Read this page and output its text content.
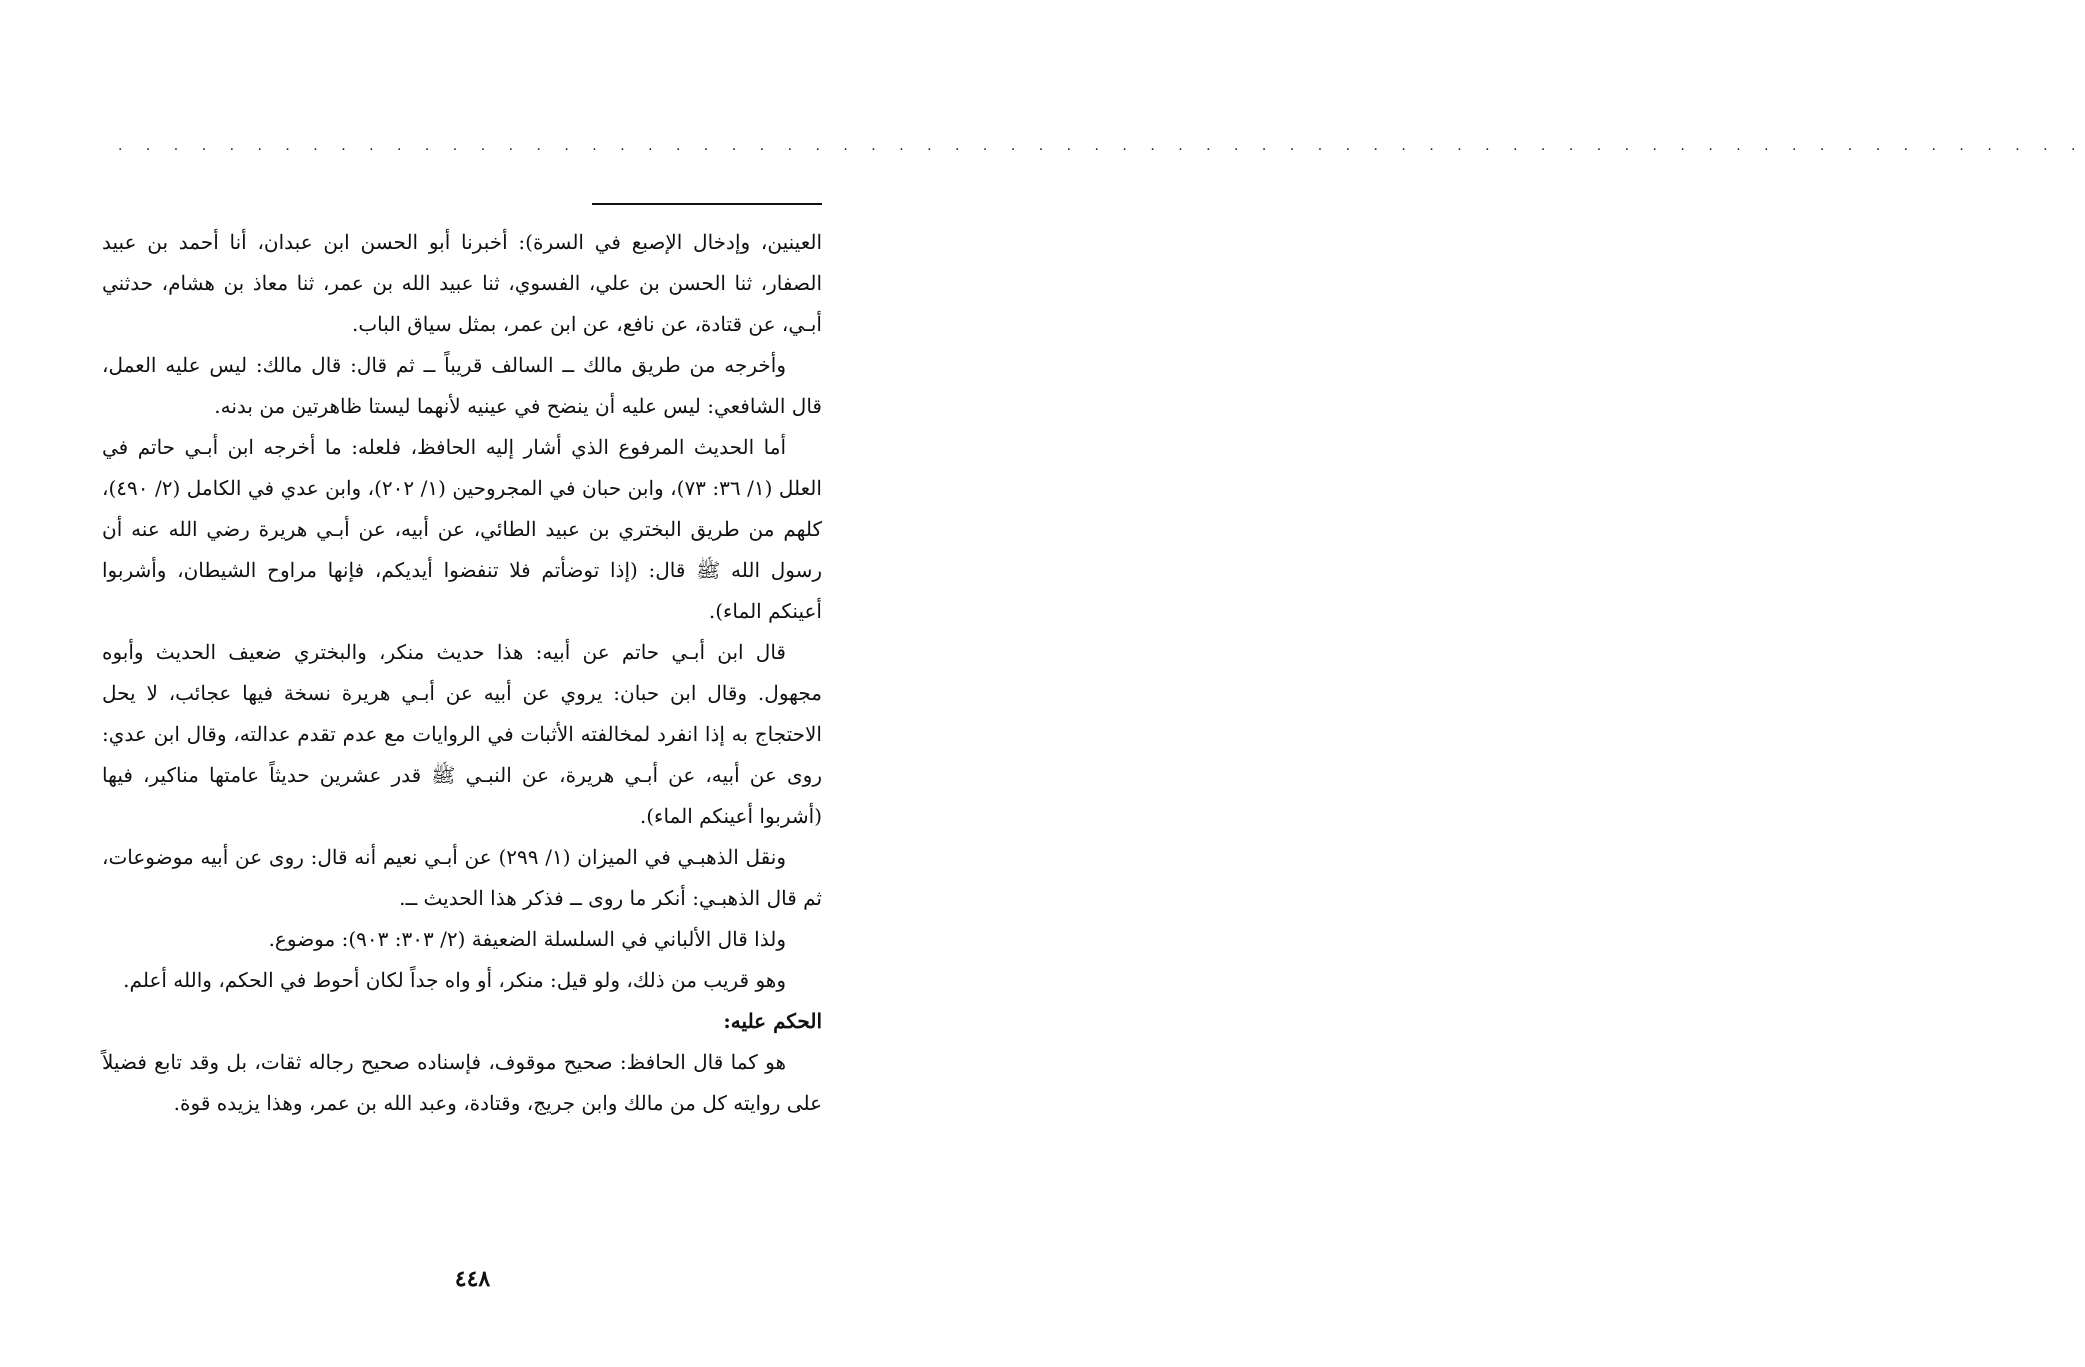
· · · · · · · · · · · · · · · · · · · · · · · · · · · · · · · · · · · · · · · · · · · · · · · · · · · · · · · · · · · · · · · · · · · · · · ·

العينين، وإدخال الإصبع في السرة): أخبرنا أبو الحسن ابن عبدان، أنا أحمد بن عبيد الصفار، ثنا الحسن بن علي، الفسوي، ثنا عبيد الله بن عمر، ثنا معاذ بن هشام، حدثني أبـي، عن قتادة، عن نافع، عن ابن عمر، بمثل سياق الباب.

وأخرجه من طريق مالك ــ السالف قريباً ــ ثم قال: قال مالك: ليس عليه العمل، قال الشافعي: ليس عليه أن ينضح في عينيه لأنهما ليستا ظاهرتين من بدنه.

أما الحديث المرفوع الذي أشار إليه الحافظ، فلعله: ما أخرجه ابن أبـي حاتم في العلل (١/ ٣٦: ٧٣)، وابن حبان في المجروحين (١/ ٢٠٢)، وابن عدي في الكامل (٢/ ٤٩٠)، كلهم من طريق البختري بن عبيد الطائي، عن أبيه، عن أبـي هريرة رضي الله عنه أن رسول الله ﷺ قال: (إذا توضأتم فلا تنفضوا أيديكم، فإنها مراوح الشيطان، وأشربوا أعينكم الماء).

قال ابن أبـي حاتم عن أبيه: هذا حديث منكر، والبختري ضعيف الحديث وأبوه مجهول. وقال ابن حبان: يروي عن أبيه عن أبـي هريرة نسخة فيها عجائب، لا يحل الاحتجاج به إذا انفرد لمخالفته الأثبات في الروايات مع عدم تقدم عدالته، وقال ابن عدي: روى عن أبيه، عن أبـي هريرة، عن النبـي ﷺ قدر عشرين حديثاً عامتها مناكير، فيها (أشربوا أعينكم الماء).

ونقل الذهبـي في الميزان (١/ ٢٩٩) عن أبـي نعيم أنه قال: روى عن أبيه موضوعات، ثم قال الذهبـي: أنكر ما روى ــ فذكر هذا الحديث ــ.

ولذا قال الألباني في السلسلة الضعيفة (٢/ ٣٠٣: ٩٠٣): موضوع.

وهو قريب من ذلك، ولو قيل: منكر، أو واه جداً لكان أحوط في الحكم، والله أعلم.

الحكم عليه:

هو كما قال الحافظ: صحيح موقوف، فإسناده صحيح رجاله ثقات، بل وقد تابع فضيلاً على روايته كل من مالك وابن جريج، وقتادة، وعبد الله بن عمر، وهذا يزيده قوة.

٤٤٨
